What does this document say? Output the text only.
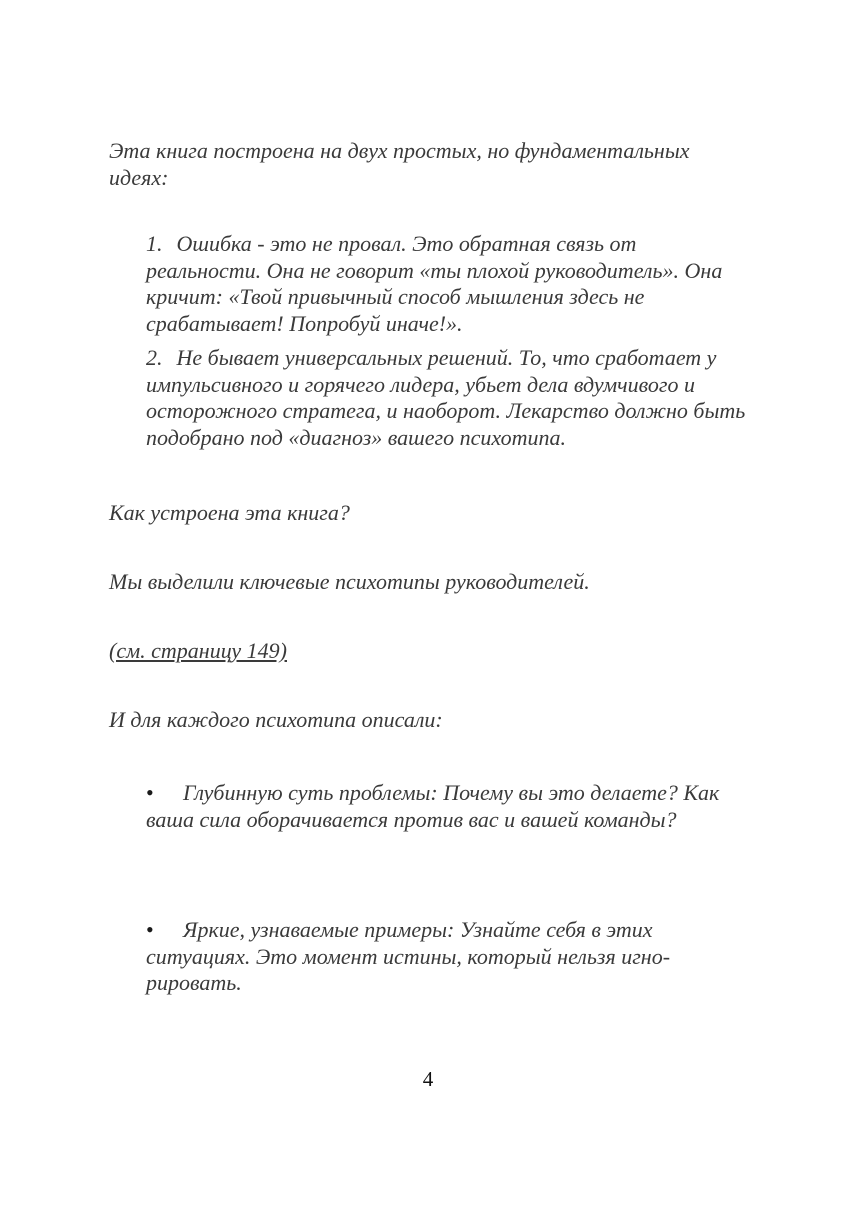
Эта книга построена на двух простых, но фундаментальных идеях:

1. Ошибка - это не провал. Это обратная связь от реальности. Она не говорит «ты плохой руководитель». Она кричит: «Твой привычный способ мышления здесь не срабатывает! Попробуй иначе!».
2. Не бывает универсальных решений. То, что сработает у импульсивного и горячего лидера, убьет дела вдумчивого и осторожного стратега, и наоборот. Лекарство должно быть подобрано под «диагноз» вашего психотипа.

Как устроена эта книга?

Мы выделили ключевые психотипы руководителей.

(см. страницу 149)

И для каждого психотипа описали:

• Глубинную суть проблемы: Почему вы это делаете? Как ваша сила оборачивается против вас и вашей команды?

• Яркие, узнаваемые примеры: Узнайте себя в этих ситуациях. Это момент истины, который нельзя игно-рировать.

4
